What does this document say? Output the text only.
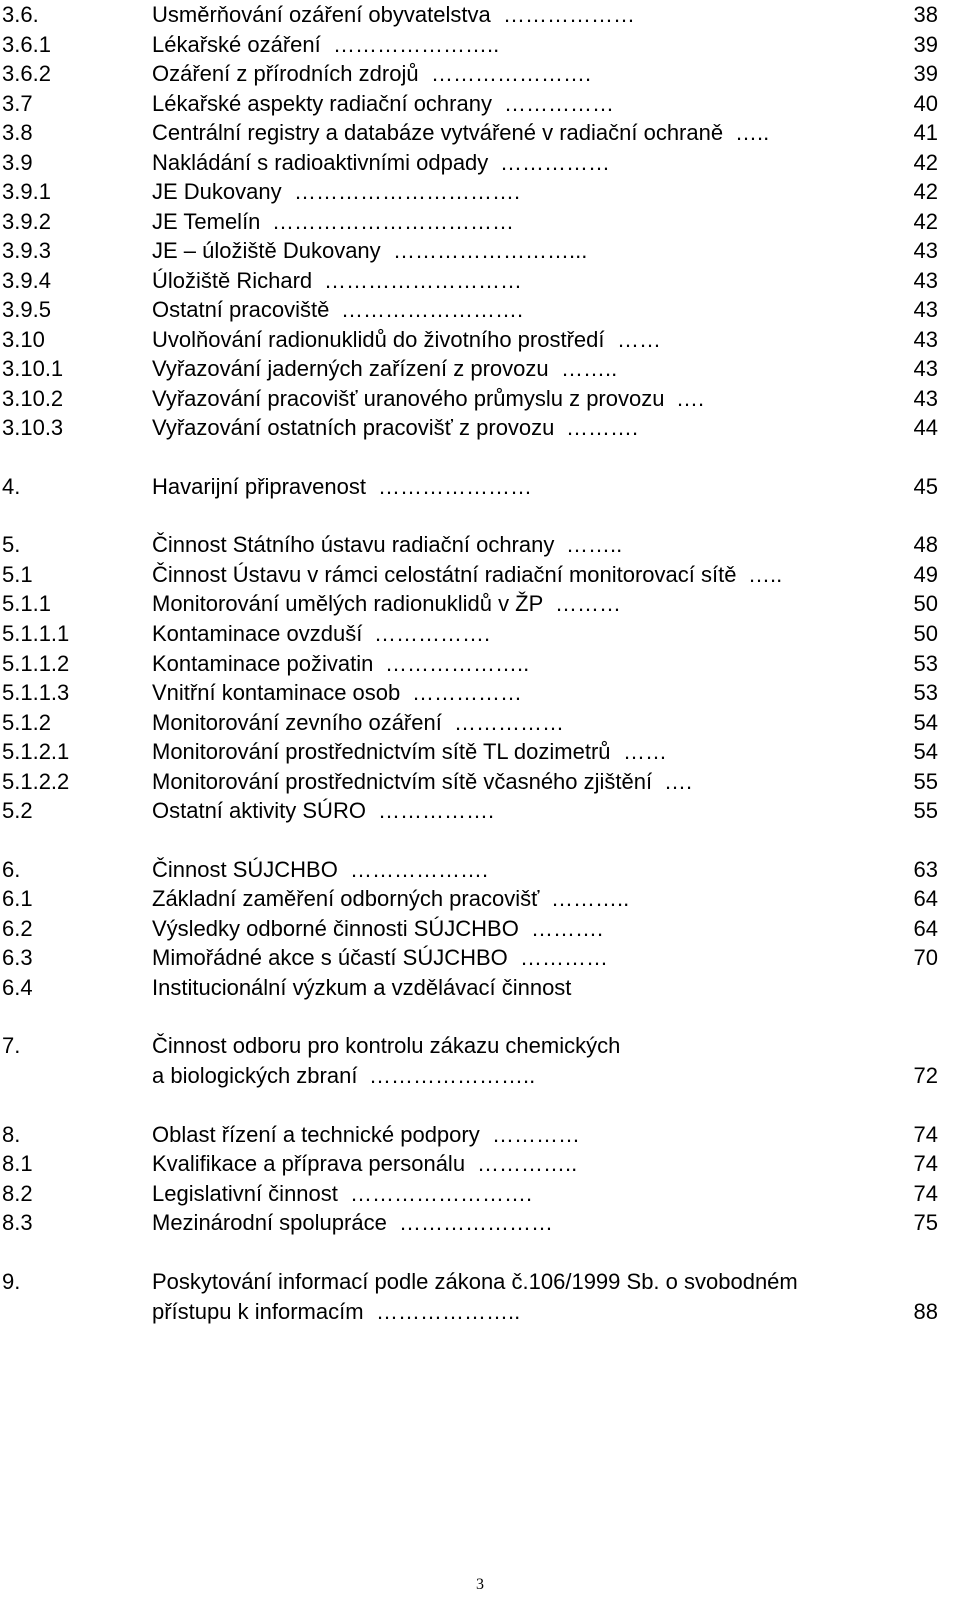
3.6.	Usměrňování ozáření obyvatelstva ………………	38
3.6.1	Lékařské ozáření …………………..	39
3.6.2	Ozáření z přírodních zdrojů ………………….	39
3.7	Lékařské aspekty radiační ochrany ……………	40
3.8	Centrální registry a databáze vytvářené v radiační ochraně …..	41
3.9	Nakládání s radioaktivními odpady ……………	42
3.9.1	JE Dukovany ………………………….	42
3.9.2	JE Temelín ……………………………	42
3.9.3	JE – úložiště Dukovany ……………………...	43
3.9.4	Úložiště Richard ………………………	43
3.9.5	Ostatní pracoviště …………………….	43
3.10	Uvolňování radionuklidů do životního prostředí ……	43
3.10.1	Vyřazování jaderných zařízení z provozu ……..	43
3.10.2	Vyřazování pracovišť uranového průmyslu z provozu ….	43
3.10.3	Vyřazování ostatních pracovišť z provozu ……….	44
4.	Havarijní připravenost …………………	45
5.	Činnost Státního ústavu radiační ochrany ……..	48
5.1	Činnost Ústavu v rámci celostátní radiační monitorovací sítě …..	49
5.1.1	Monitorování umělých radionuklidů v ŽP ………	50
5.1.1.1	Kontaminace ovzduší …………….	50
5.1.1.2	Kontaminace poživatin ………………..	53
5.1.1.3	Vnitřní kontaminace osob ……………	53
5.1.2	Monitorování zevního ozáření ……………	54
5.1.2.1	Monitorování prostřednictvím sítě TL dozimetrů ……	54
5.1.2.2	Monitorování prostřednictvím sítě včasného zjištění ….	55
5.2	Ostatní aktivity SÚRO …………….	55
6.	Činnost SÚJCHBO ……………….	63
6.1	Základní zaměření odborných pracovišť ………..	64
6.2	Výsledky odborné činnosti SÚJCHBO ……….	64
6.3	Mimořádné akce s účastí SÚJCHBO …………	70
6.4	Institucionální výzkum a vzdělávací činnost
7.	Činnost odboru pro kontrolu zákazu chemických
a biologických zbraní …………………..	72
8.	Oblast řízení a technické podpory …………	74
8.1	Kvalifikace a příprava personálu …………..	74
8.2	Legislativní činnost …………………….	74
8.3	Mezinárodní spolupráce …………………	75
9.	Poskytování informací podle zákona č.106/1999 Sb. o svobodném
přístupu k informacím ………………..	88
3
